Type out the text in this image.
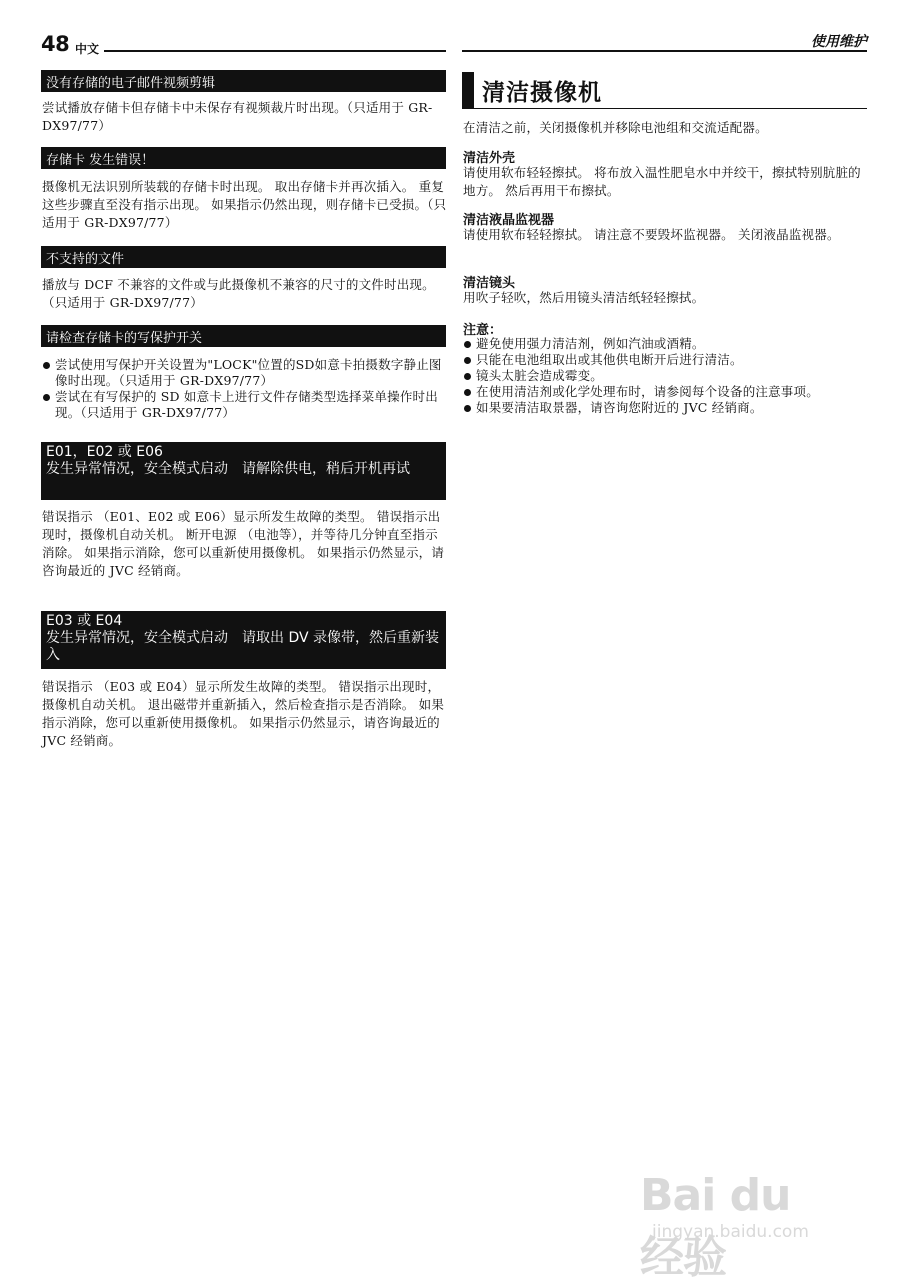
48 中文	使用维护
没有存储的电子邮件视频剪辑

尝试播放存储卡但存储卡中未保存有视频裁片时出现。（只适用于 GR-DX97/77）

存储卡 发生错误！

摄像机无法识别所装载的存储卡时出现。 取出存储卡并再次插入。 重复这些步骤直至没有指示出现。 如果指示仍然出现，则存储卡已受损。（只适用于 GR-DX97/77）

不支持的文件

播放与 DCF 不兼容的文件或与此摄像机不兼容的尺寸的文件时出现。（只适用于 GR-DX97/77）

请检查存储卡的写保护开关
尝试使用写保护开关设置为"LOCK"位置的SD如意卡拍摄数字静止图像时出现。（只适用于 GR-DX97/77）
尝试在有写保护的 SD 如意卡上进行文件存储类型选择菜单操作时出现。（只适用于 GR-DX97/77）
E01，E02 或 E06
发生异常情况，安全模式启动　请解除供电，稍后开机再试

错误指示 （E01、E02 或 E06）显示所发生故障的类型。 错误指示出现时，摄像机自动关机。 断开电源 （电池等），并等待几分钟直至指示消除。 如果指示消除，您可以重新使用摄像机。 如果指示仍然显示，请咨询最近的 JVC 经销商。

E03 或 E04
发生异常情况，安全模式启动　请取出 DV 录像带，然后重新装入

错误指示 （E03 或 E04）显示所发生故障的类型。 错误指示出现时，摄像机自动关机。 退出磁带并重新插入，然后检查指示是否消除。 如果指示消除，您可以重新使用摄像机。 如果指示仍然显示，请咨询最近的 JVC 经销商。

清洁摄像机

在清洁之前，关闭摄像机并移除电池组和交流适配器。

清洁外壳

请使用软布轻轻擦拭。 将布放入温性肥皂水中并绞干，擦拭特别肮脏的地方。 然后再用干布擦拭。

清洁液晶监视器

请使用软布轻轻擦拭。 请注意不要毁坏监视器。 关闭液晶监视器。

清洁镜头

用吹子轻吹，然后用镜头清洁纸轻轻擦拭。

注意：
避免使用强力清洁剂，例如汽油或酒精。
只能在电池组取出或其他供电断开后进行清洁。
镜头太脏会造成霉变。
在使用清洁剂或化学处理布时，请参阅每个设备的注意事项。
如果要清洁取景器，请咨询您附近的 JVC 经销商。
Bai du 经验
jingyan.baidu.com
